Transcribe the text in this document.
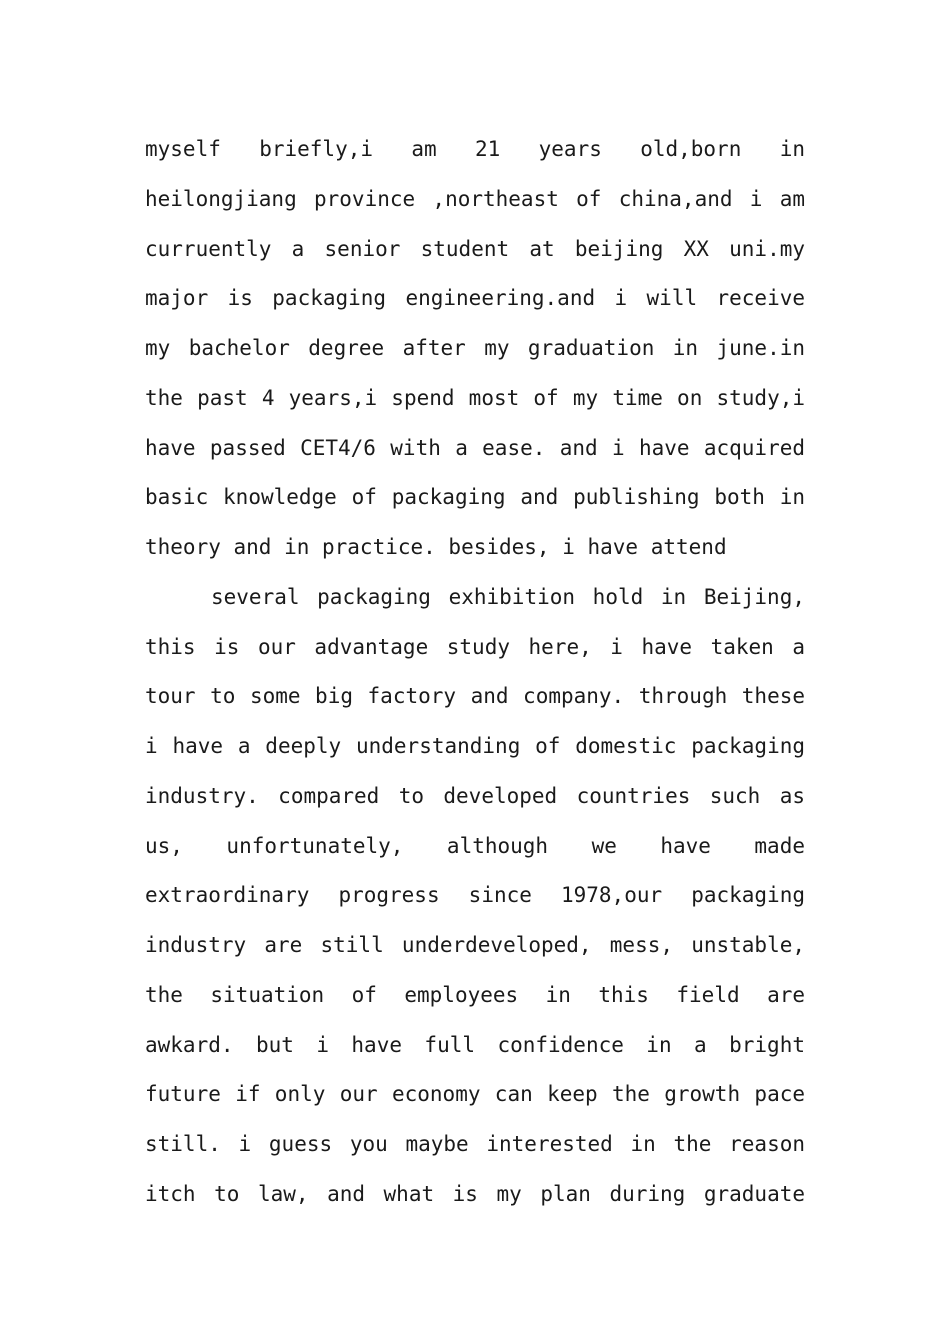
myself briefly,i am 21 years old,born in
heilongjiang province ,northeast of china,and i am
curruently a senior student at beijing XX uni.my
major is packaging engineering.and i will receive
my bachelor degree after my graduation in june.in
the past 4 years,i spend most of my time on study,i
have passed CET4/6 with a ease. and i have acquired
basic knowledge of packaging and publishing both in
theory and in practice. besides, i have attend
several packaging exhibition hold in Beijing,
this is our advantage study here, i have taken a
tour to some big factory and company. through these
i have a deeply understanding of domestic packaging
industry. compared to developed countries such as
us, unfortunately, although we have made
extraordinary progress since 1978,our packaging
industry are still underdeveloped, mess, unstable,
the situation of employees in this field are
awkard. but i have full confidence in a bright
future if only our economy can keep the growth pace
still. i guess you maybe interested in the reason
itch to law, and what is my plan during graduate
